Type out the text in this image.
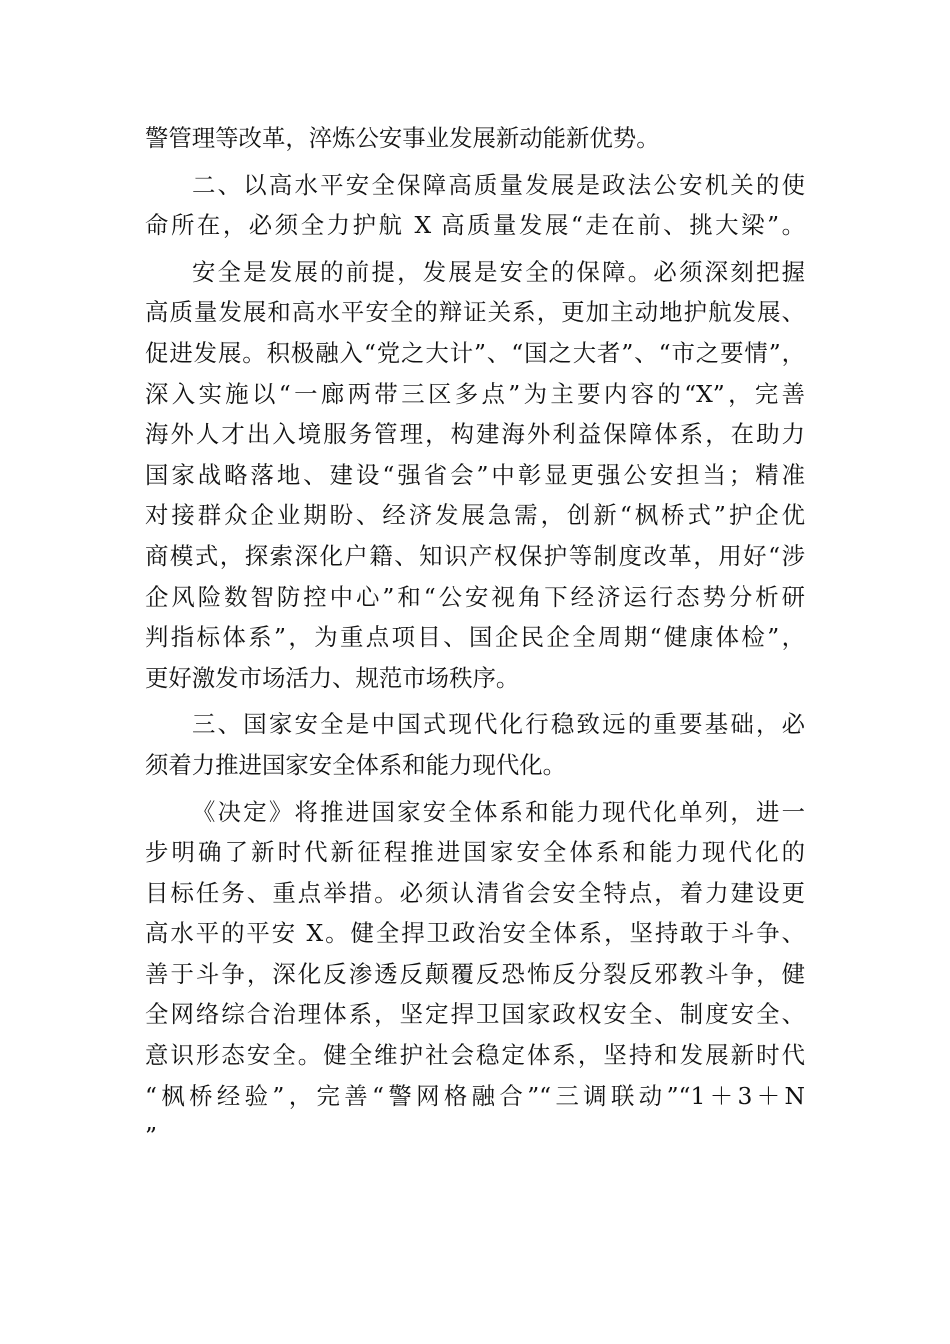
警管理等改革，淬炼公安事业发展新动能新优势。
二、以高水平安全保障高质量发展是政法公安机关的使
命所在，必须全力护航 X 高质量发展“走在前、挑大梁”。
安全是发展的前提，发展是安全的保障。必须深刻把握
高质量发展和高水平安全的辩证关系，更加主动地护航发展、
促进发展。积极融入“党之大计”、“国之大者”、“市之要情”，
深入实施以“一廊两带三区多点”为主要内容的“X”，完善
海外人才出入境服务管理，构建海外利益保障体系，在助力
国家战略落地、建设“强省会”中彰显更强公安担当；精准
对接群众企业期盼、经济发展急需，创新“枫桥式”护企优
商模式，探索深化户籍、知识产权保护等制度改革，用好“涉
企风险数智防控中心”和“公安视角下经济运行态势分析研
判指标体系”，为重点项目、国企民企全周期“健康体检”，
更好激发市场活力、规范市场秩序。
三、国家安全是中国式现代化行稳致远的重要基础，必
须着力推进国家安全体系和能力现代化。
《决定》将推进国家安全体系和能力现代化单列，进一
步明确了新时代新征程推进国家安全体系和能力现代化的
目标任务、重点举措。必须认清省会安全特点，着力建设更
高水平的平安 X。健全捍卫政治安全体系，坚持敢于斗争、
善于斗争，深化反渗透反颠覆反恐怖反分裂反邪教斗争，健
全网络综合治理体系，坚定捍卫国家政权安全、制度安全、
意识形态安全。健全维护社会稳定体系，坚持和发展新时代
“枫桥经验”，完善“警网格融合”“三调联动”“1＋3＋N
”
